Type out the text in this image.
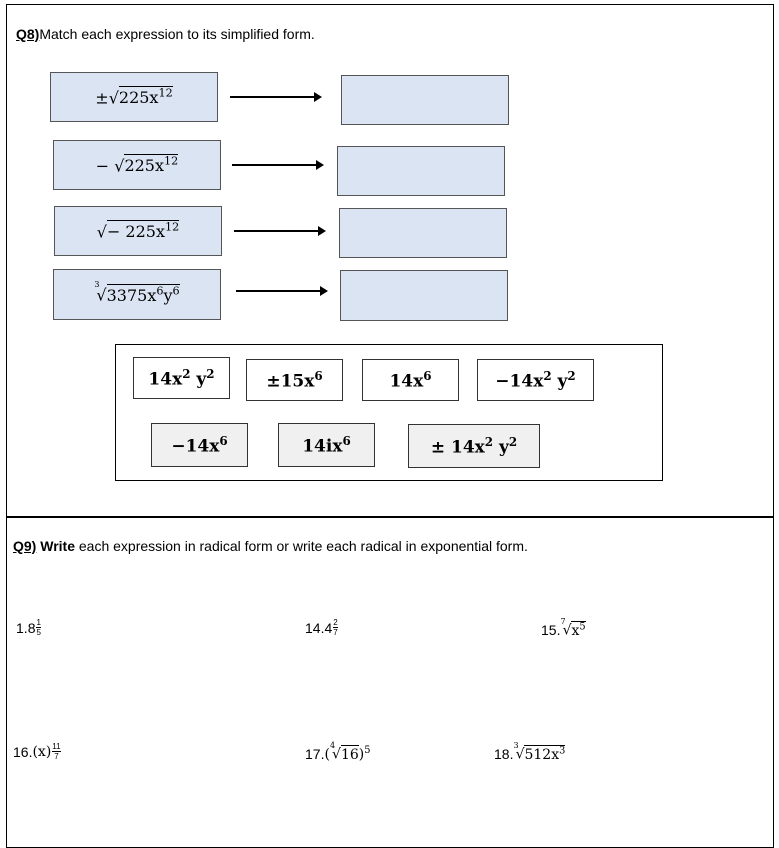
Q8)Match each expression to its simplified form.
$\pm√225x^{12}$
− $√225x^{12}$
√− $225x^{12}$
$^3√3375x^6y^6$
$14x^2$ $y^2$	$\pm 15x^6$	$14x^6$	$-14x^2$ $y^2$
$-14x^6$	$14ix^6$	± $14x^2$ $y^2$
Q9) Write each expression in radical form or write each radical in exponential form.
1. $8 \frac{1}{5}$	14. $4 \frac{2}{7}$	15.
$^7√x^5$
16. $(x) \frac{11}{7}$	17. $(^4√16)^5$	18.
$^3√512x^3$
